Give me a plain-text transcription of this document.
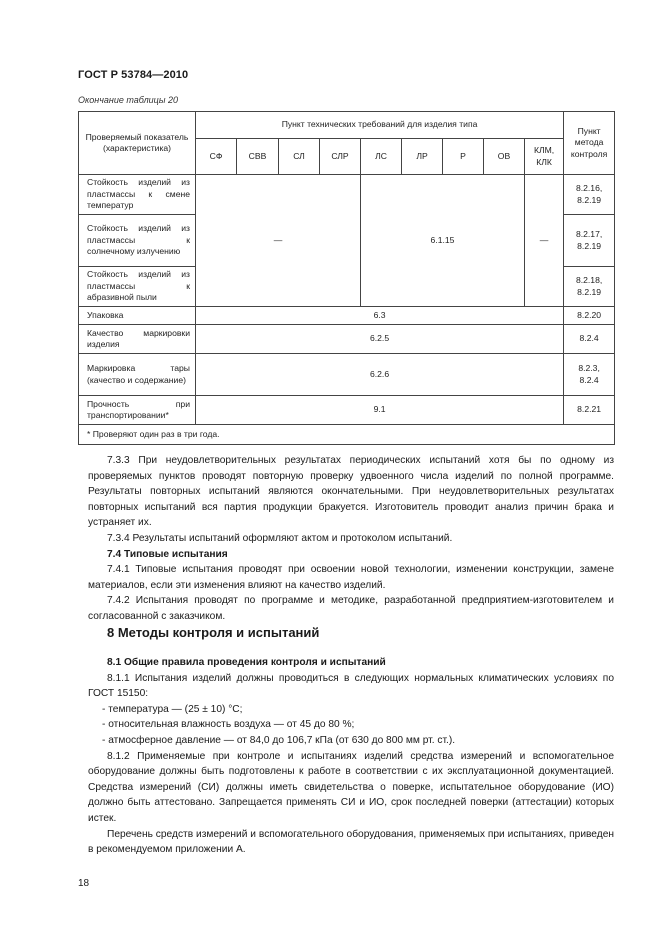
ГОСТ Р 53784—2010
Окончание таблицы 20
Проверяемый показатель (характеристика)	Пункт технических требований для изделия типа									Пункт метода контроля
	СФ	СВВ	СЛ	СЛР	ЛС	ЛР	Р	ОВ	КЛМ, КЛК	
Стойкость изделий из пластмассы к смене температур	—				6.1.15				—	8.2.16, 8.2.19
Стойкость изделий из пластмассы к солнечному излучению										8.2.17, 8.2.19
Стойкость изделий из пластмассы к абразивной пыли										8.2.18, 8.2.19
Упаковка	6.3									8.2.20
Качество маркировки изделия	6.2.5									8.2.4
Маркировка тары (качество и содержание)	6.2.6									8.2.3, 8.2.4
Прочность при транспортировании*	9.1									8.2.21
* Проверяют один раз в три года.										

7.3.3 При неудовлетворительных результатах периодических испытаний хотя бы по одному из проверяемых пунктов проводят повторную проверку удвоенного числа изделий по полной программе. Результаты повторных испытаний являются окончательными. При неудовлетворительных результатах повторных испытаний вся партия продукции бракуется. Изготовитель проводит анализ причин брака и устраняет их.

7.3.4 Результаты испытаний оформляют актом и протоколом испытаний.

7.4 Типовые испытания

7.4.1 Типовые испытания проводят при освоении новой технологии, изменении конструкции, замене материалов, если эти изменения влияют на качество изделий.

7.4.2 Испытания проводят по программе и методике, разработанной предприятием-изготовителем и согласованной с заказчиком.

8 Методы контроля и испытаний

8.1 Общие правила проведения контроля и испытаний

8.1.1 Испытания изделий должны проводиться в следующих нормальных климатических условиях по ГОСТ 15150:

- температура — (25 ± 10) °С;

- относительная влажность воздуха — от 45 до 80 %;

- атмосферное давление — от 84,0 до 106,7 кПа (от 630 до 800 мм рт. ст.).

8.1.2 Применяемые при контроле и испытаниях изделий средства измерений и вспомогательное оборудование должны быть подготовлены к работе в соответствии с их эксплуатационной документацией. Средства измерений (СИ) должны иметь свидетельства о поверке, испытательное оборудование (ИО) должно быть аттестовано. Запрещается применять СИ и ИО, срок последней поверки (аттестации) которых истек.

Перечень средств измерений и вспомогательного оборудования, применяемых при испытаниях, приведен в рекомендуемом приложении А.

18
